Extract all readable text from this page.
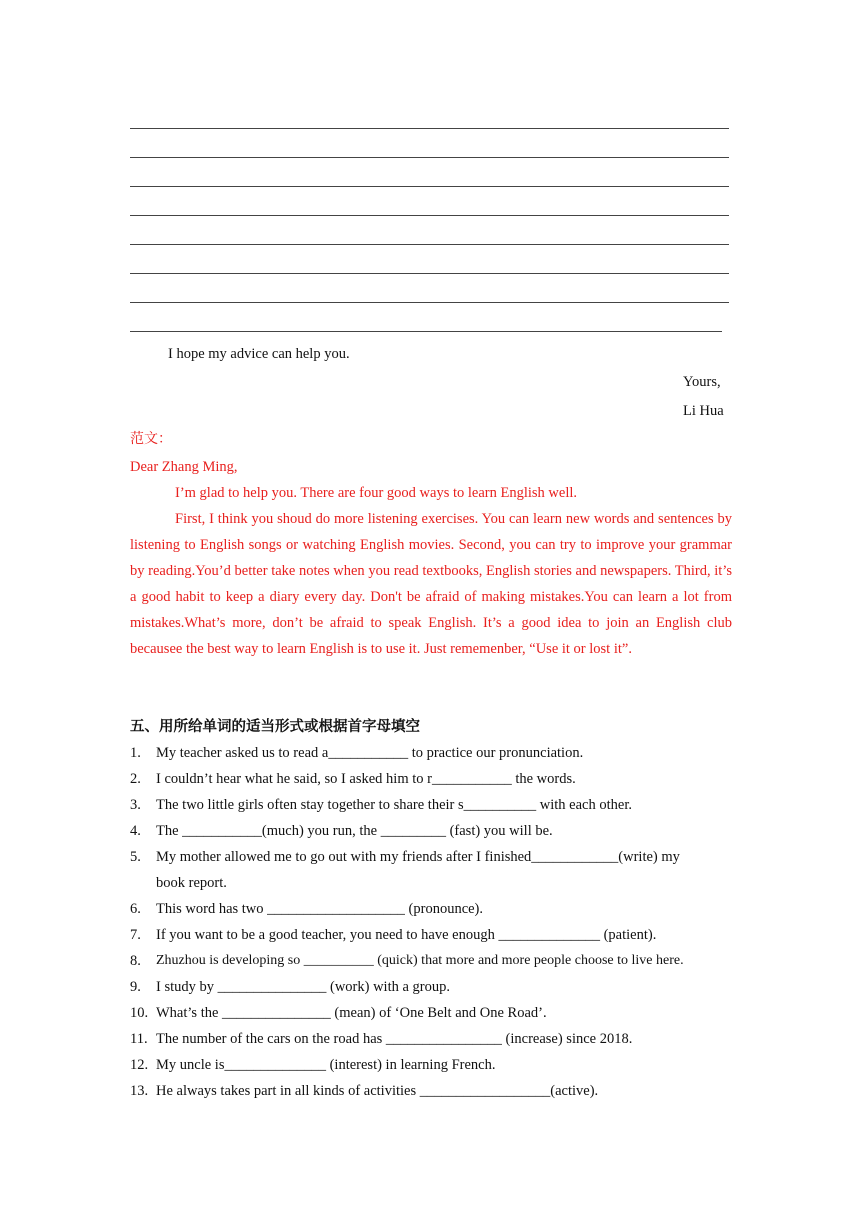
I hope my advice can help you.
Yours,
Li Hua
范文：
Dear Zhang Ming,
I’m glad to help you. There are four good ways to learn English well.
First, I think you shoud do more listening exercises. You can learn new words and sentences by listening to English songs or watching English movies. Second, you can try to improve your grammar by reading.You’d better take notes when you read textbooks, English stories and newspapers. Third, it’s a good habit to keep a diary every day. Don't be afraid of making mistakes.You can learn a lot from mistakes.What’s more, don’t be afraid to speak English. It’s a good idea to join an English club becausee the best way to learn English is to use it. Just rememenber, “Use it or lost it”.
五、用所给单词的适当形式或根据首字母填空
1. My teacher asked us to read a___________ to practice our pronunciation.
2. I couldn’t hear what he said, so I asked him to r___________ the words.
3. The two little girls often stay together to share their s__________ with each other.
4. The ___________(much) you run, the _________ (fast) you will be.
5. My mother allowed me to go out with my friends after I finished____________(write) my book report.
6. This word has two ___________________ (pronounce).
7. If you want to be a good teacher, you need to have enough ______________ (patient).
8. Zhuzhou is developing so __________ (quick) that more and more people choose to live here.
9. I study by _______________ (work) with a group.
10. What’s the _______________ (mean) of ‘One Belt and One Road’.
11. The number of the cars on the road has ________________ (increase) since 2018.
12. My uncle is______________ (interest) in learning French.
13. He always takes part in all kinds of activities __________________(active).
